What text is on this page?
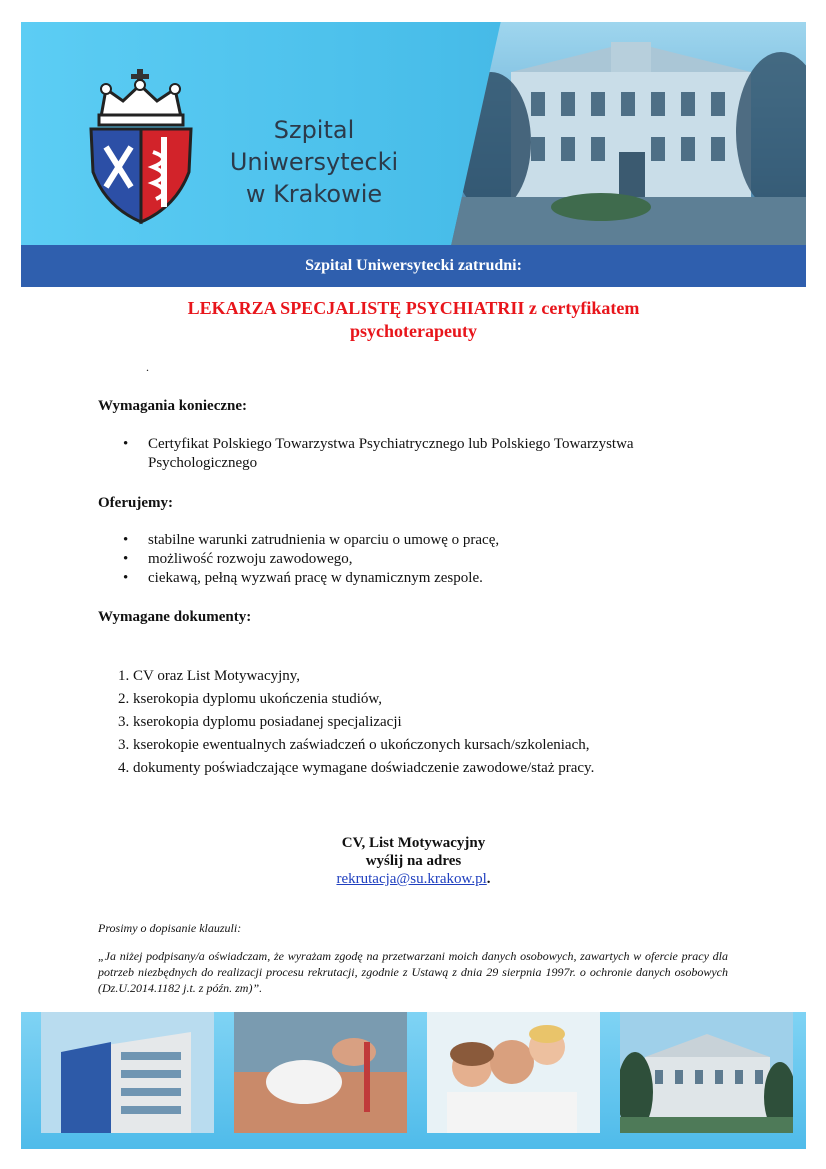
Szpital
Uniwersytecki
w Krakowie
Szpital Uniwersytecki zatrudni:
LEKARZA SPECJALISTĘ PSYCHIATRII z certyfikatem
psychoterapeuty
.
Wymagania konieczne:
• Certyfikat Polskiego Towarzystwa Psychiatrycznego lub Polskiego Towarzystwa Psychologicznego
Oferujemy:
• stabilne warunki zatrudnienia w oparciu o umowę o pracę,
• możliwość rozwoju zawodowego,
• ciekawą, pełną wyzwań pracę w dynamicznym zespole.
Wymagane dokumenty:
1. CV oraz List Motywacyjny,
2. kserokopia dyplomu ukończenia studiów,
3. kserokopia dyplomu posiadanej specjalizacji
3. kserokopie ewentualnych zaświadczeń o ukończonych kursach/szkoleniach,
4. dokumenty poświadczające wymagane doświadczenie zawodowe/staż pracy.
CV, List Motywacyjny
wyślij na adres
rekrutacja@su.krakow.pl.
Prosimy o dopisanie klauzuli:
„Ja niżej podpisany/a oświadczam, że wyrażam zgodę na przetwarzani moich danych osobowych, zawartych w ofercie pracy dla potrzeb niezbędnych do realizacji procesu rekrutacji, zgodnie z Ustawą z dnia 29 sierpnia 1997r. o ochronie danych osobowych (Dz.U.2014.1182 j.t. z późn. zm)”.
